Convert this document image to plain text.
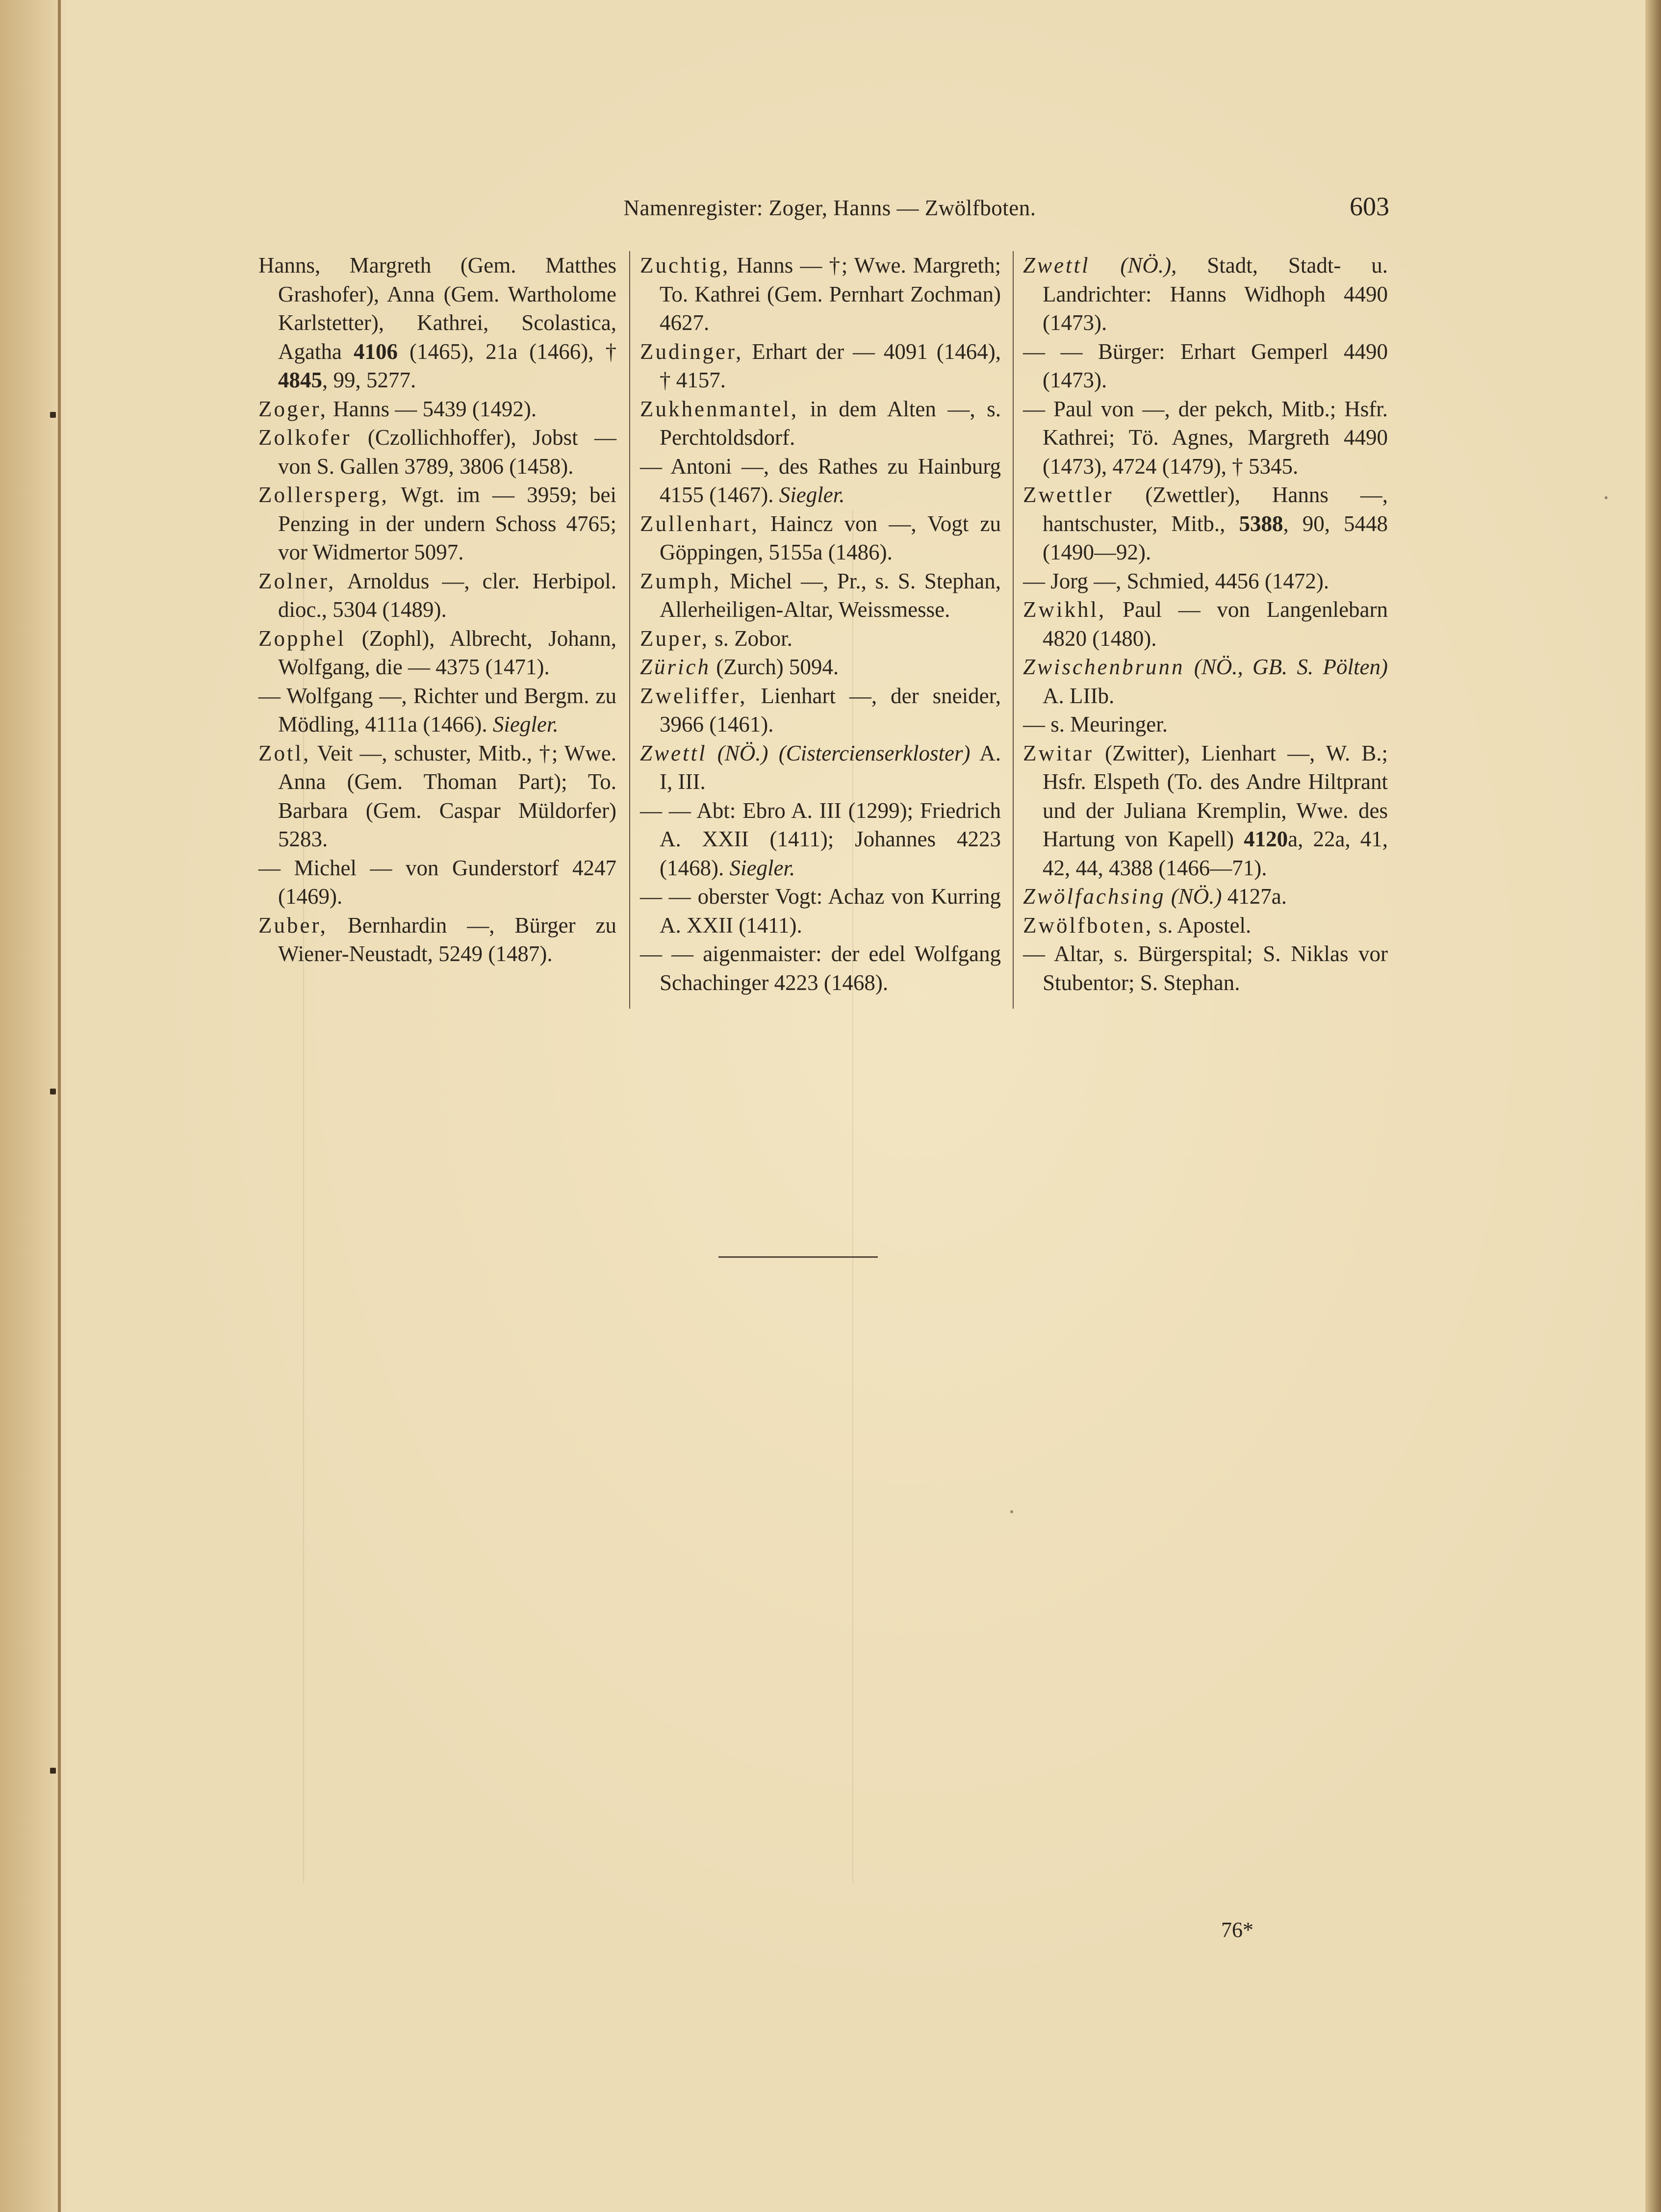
Namenregister: Zoger, Hanns — Zwölfboten.	603

Hanns, Margreth (Gem. Matthes Grashofer), Anna (Gem. Wartholome Karlstetter), Kathrei, Scolastica, Agatha 4106 (1465), 21a (1466), † 4845, 99, 5277.

Zoger, Hanns — 5439 (1492).

Zolkofer (Czollichhoffer), Jobst — von S. Gallen 3789, 3806 (1458).

Zollersperg, Wgt. im — 3959; bei Penzing in der undern Schoss 4765; vor Widmertor 5097.

Zolner, Arnoldus —, cler. Herbipol. dioc., 5304 (1489).

Zopphel (Zophl), Albrecht, Johann, Wolfgang, die — 4375 (1471).

— Wolfgang —, Richter und Bergm. zu Mödling, 4111a (1466). Siegler.

Zotl, Veit —, schuster, Mitb., †; Wwe. Anna (Gem. Thoman Part); To. Barbara (Gem. Caspar Müldorfer) 5283.

— Michel — von Gunderstorf 4247 (1469).

Zuber, Bernhardin —, Bürger zu Wiener-Neustadt, 5249 (1487).

Zuchtig, Hanns — †; Wwe. Margreth; To. Kathrei (Gem. Pernhart Zochman) 4627.

Zudinger, Erhart der — 4091 (1464), † 4157.

Zukhenmantel, in dem Alten —, s. Perchtoldsdorf.

— Antoni —, des Rathes zu Hainburg 4155 (1467). Siegler.

Zullenhart, Haincz von —, Vogt zu Göppingen, 5155a (1486).

Zumph, Michel —, Pr., s. S. Stephan, Allerheiligen-Altar, Weissmesse.

Zuper, s. Zobor.

Zürich (Zurch) 5094.

Zweliffer, Lienhart —, der sneider, 3966 (1461).

Zwettl (NÖ.) (Cistercienserkloster) A. I, III.

— — Abt: Ebro A. III (1299); Friedrich A. XXII (1411); Johannes 4223 (1468). Siegler.

— — oberster Vogt: Achaz von Kurring A. XXII (1411).

— — aigenmaister: der edel Wolfgang Schachinger 4223 (1468).

Zwettl (NÖ.), Stadt, Stadt- u. Landrichter: Hanns Widhoph 4490 (1473).

— — Bürger: Erhart Gemperl 4490 (1473).

— Paul von —, der pekch, Mitb.; Hsfr. Kathrei; Tö. Agnes, Margreth 4490 (1473), 4724 (1479), † 5345.

Zwettler (Zwettler), Hanns —, hantschuster, Mitb., 5388, 90, 5448 (1490—92).

— Jorg —, Schmied, 4456 (1472).

Zwikhl, Paul — von Langenlebarn 4820 (1480).

Zwischenbrunn (NÖ., GB. S. Pölten) A. LIIb.

— s. Meuringer.

Zwitar (Zwitter), Lienhart —, W. B.; Hsfr. Elspeth (To. des Andre Hiltprant und der Juliana Kremplin, Wwe. des Hartung von Kapell) 4120a, 22a, 41, 42, 44, 4388 (1466—71).

Zwölfachsing (NÖ.) 4127a.

Zwölfboten, s. Apostel.

— Altar, s. Bürgerspital; S. Niklas vor Stubentor; S. Stephan.

76*
